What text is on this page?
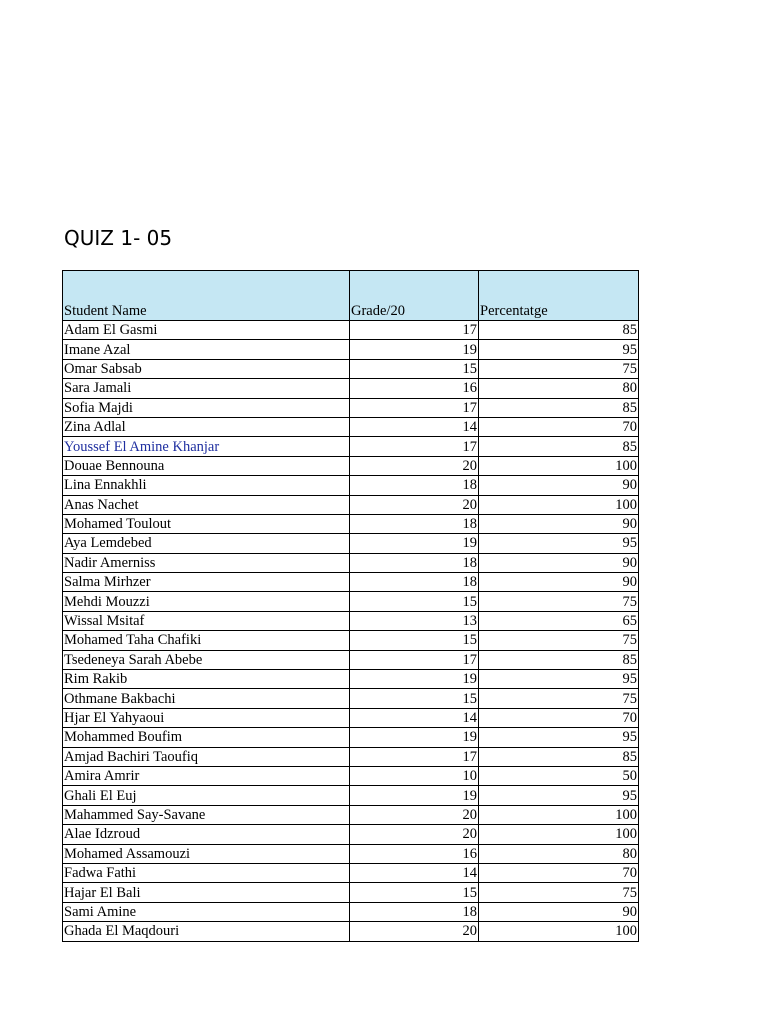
QUIZ 1- 05
Student Name	Grade/20	Percentatge
Adam El Gasmi	17	85
Imane Azal	19	95
Omar Sabsab	15	75
Sara Jamali	16	80
Sofia Majdi	17	85
Zina Adlal	14	70
Youssef El Amine Khanjar	17	85
Douae Bennouna	20	100
Lina Ennakhli	18	90
Anas Nachet	20	100
Mohamed Toulout	18	90
Aya Lemdebed	19	95
Nadir Amerniss	18	90
Salma Mirhzer	18	90
Mehdi Mouzzi	15	75
Wissal Msitaf	13	65
Mohamed Taha Chafiki	15	75
Tsedeneya Sarah Abebe	17	85
Rim Rakib	19	95
Othmane Bakbachi	15	75
Hjar El Yahyaoui	14	70
Mohammed Boufim	19	95
Amjad Bachiri Taoufiq	17	85
Amira Amrir	10	50
Ghali El Euj	19	95
Mahammed Say-Savane	20	100
Alae Idzroud	20	100
Mohamed Assamouzi	16	80
Fadwa Fathi	14	70
Hajar El Bali	15	75
Sami Amine	18	90
Ghada El Maqdouri	20	100
